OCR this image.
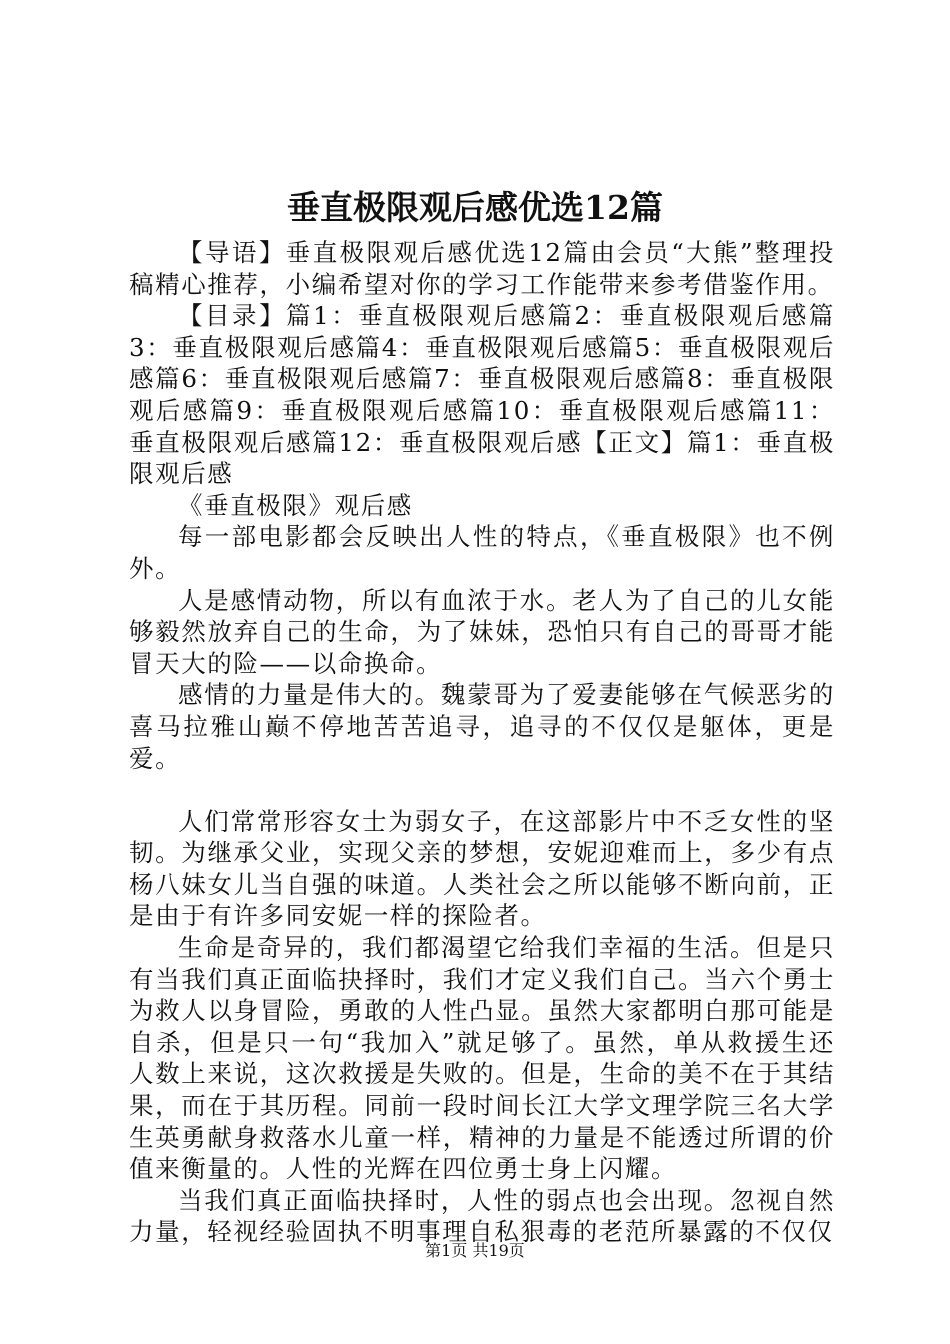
垂直极限观后感优选12篇

【导语】垂直极限观后感优选12篇由会员“大熊”整理投稿精心推荐，小编希望对你的学习工作能带来参考借鉴作用。

【目录】篇1：垂直极限观后感篇2：垂直极限观后感篇3：垂直极限观后感篇4：垂直极限观后感篇5：垂直极限观后感篇6：垂直极限观后感篇7：垂直极限观后感篇8：垂直极限观后感篇9：垂直极限观后感篇10：垂直极限观后感篇11：垂直极限观后感篇12：垂直极限观后感【正文】篇1：垂直极限观后感

《垂直极限》观后感

每一部电影都会反映出人性的特点，《垂直极限》也不例外。

人是感情动物，所以有血浓于水。老人为了自己的儿女能够毅然放弃自己的生命，为了妹妹，恐怕只有自己的哥哥才能冒天大的险——以命换命。

感情的力量是伟大的。魏蒙哥为了爱妻能够在气候恶劣的喜马拉雅山巅不停地苦苦追寻，追寻的不仅仅是躯体，更是爱。

人们常常形容女士为弱女子，在这部影片中不乏女性的坚韧。为继承父业，实现父亲的梦想，安妮迎难而上，多少有点杨八妹女儿当自强的味道。人类社会之所以能够不断向前，正是由于有许多同安妮一样的探险者。

生命是奇异的，我们都渴望它给我们幸福的生活。但是只有当我们真正面临抉择时，我们才定义我们自己。当六个勇士为救人以身冒险，勇敢的人性凸显。虽然大家都明白那可能是自杀，但是只一句“我加入”就足够了。虽然，单从救援生还人数上来说，这次救援是失败的。但是，生命的美不在于其结果，而在于其历程。同前一段时间长江大学文理学院三名大学生英勇献身救落水儿童一样，精神的力量是不能透过所谓的价值来衡量的。人性的光辉在四位勇士身上闪耀。

当我们真正面临抉择时，人性的弱点也会出现。忽视自然力量，轻视经验固执不明事理自私狠毒的老范所暴露的不仅仅

第1页 共19页
